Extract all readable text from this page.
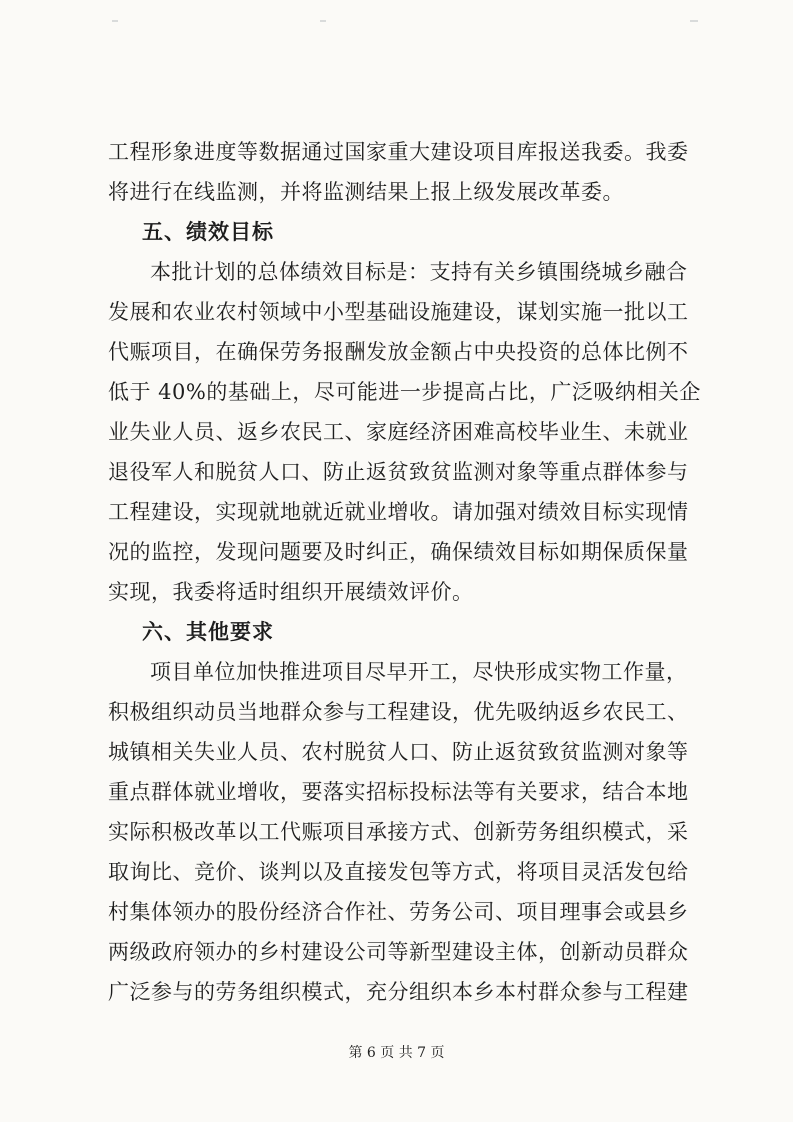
工程形象进度等数据通过国家重大建设项目库报送我委。我委
将进行在线监测，并将监测结果上报上级发展改革委。
五、绩效目标
本批计划的总体绩效目标是：支持有关乡镇围绕城乡融合
发展和农业农村领域中小型基础设施建设，谋划实施一批以工
代赈项目，在确保劳务报酬发放金额占中央投资的总体比例不
低于 40%的基础上，尽可能进一步提高占比，广泛吸纳相关企
业失业人员、返乡农民工、家庭经济困难高校毕业生、未就业
退役军人和脱贫人口、防止返贫致贫监测对象等重点群体参与
工程建设，实现就地就近就业增收。请加强对绩效目标实现情
况的监控，发现问题要及时纠正，确保绩效目标如期保质保量
实现，我委将适时组织开展绩效评价。
六、其他要求
项目单位加快推进项目尽早开工，尽快形成实物工作量，
积极组织动员当地群众参与工程建设，优先吸纳返乡农民工、
城镇相关失业人员、农村脱贫人口、防止返贫致贫监测对象等
重点群体就业增收，要落实招标投标法等有关要求，结合本地
实际积极改革以工代赈项目承接方式、创新劳务组织模式，采
取询比、竞价、谈判以及直接发包等方式，将项目灵活发包给
村集体领办的股份经济合作社、劳务公司、项目理事会或县乡
两级政府领办的乡村建设公司等新型建设主体，创新动员群众
广泛参与的劳务组织模式，充分组织本乡本村群众参与工程建
第 6 页 共 7 页
